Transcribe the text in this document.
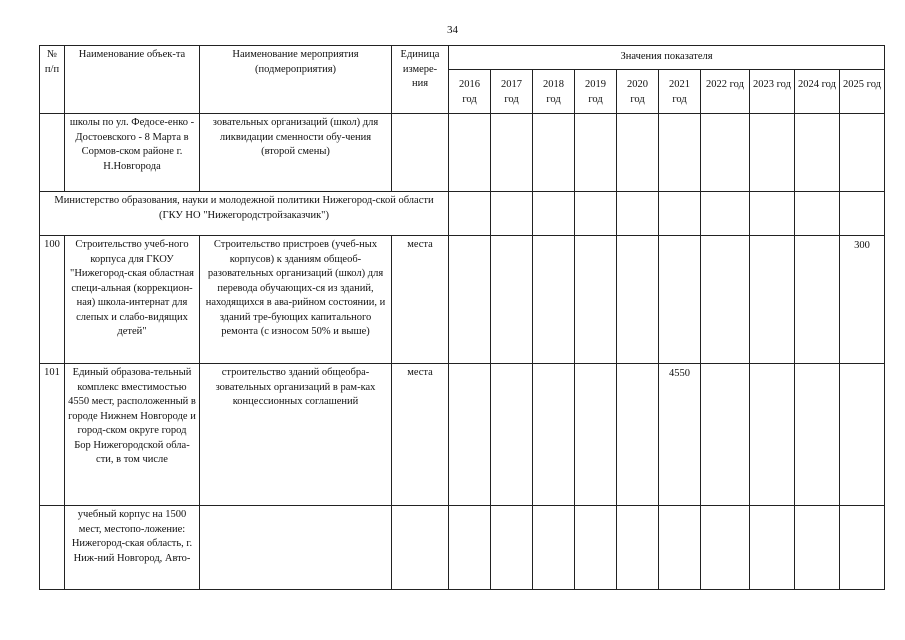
34
№ п/п	Наименование объек-та	Наименование мероприятия (подмероприятия)	Единица измере-ния	Значения показателя									
				2016 год	2017 год	2018 год	2019 год	2020 год	2021 год	2022 год	2023 год	2024 год	2025 год
	школы по ул. Федосе-енко - Достоевского - 8 Марта в Сормов-ском районе г. Н.Новгорода	зовательных организаций (школ) для ликвидации сменности обу-чения (второй смены)											
Министерство образования, науки и молодежной политики Нижегород-ской области (ГКУ НО "Нижегородстройзаказчик")													
100	Строительство учеб-ного корпуса для ГКОУ "Нижегород-ская областная специ-альная (коррекцион-ная) школа-интернат для слепых и слабо-видящих детей"	Строительство пристроев (учеб-ных корпусов) к зданиям общеоб-разовательных организаций (школ) для перевода обучающих-ся из зданий, находящихся в ава-рийном состоянии, и зданий тре-бующих капитального ремонта (с износом 50% и выше)	места										300
101	Единый образова-тельный комплекс вместимостью 4550 мест, расположенный в городе Нижнем Новгороде и город-ском округе город Бор Нижегородской обла-сти, в том числе	строительство зданий общеобра-зовательных организаций в рам-ках концессионных соглашений	места						4550				
	учебный корпус на 1500 мест, местопо-ложение: Нижегород-ская область, г. Ниж-ний Новгород, Авто-												
